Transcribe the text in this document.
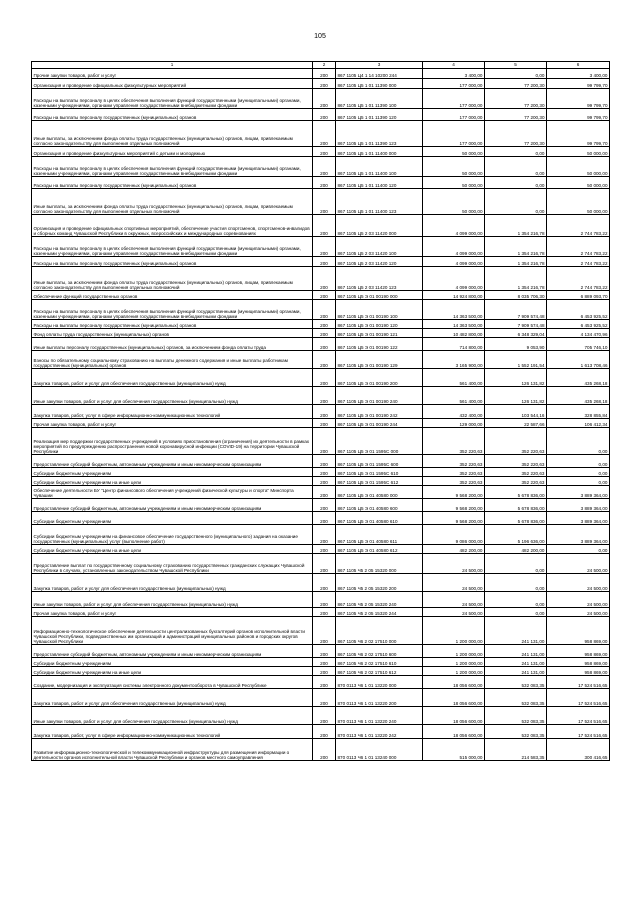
105
1	2	3	4	5	6
Прочие закупки товаров, работ и услуг	200	867 1105 Ц4 1 14 10200 244	3 400,00	0,00	3 400,00
Организация и проведение официальных физкультурных мероприятий	200	867 1105 Ц5 1 01 11390 000	177 000,00	77 200,30	99 799,70
Расходы на выплаты персоналу в целях обеспечения выполнения функций государственными (муниципальными) органами, казенными учреждениями, органами управления государственными внебюджетными фондами	200	867 1105 Ц5 1 01 11390 100	177 000,00	77 200,30	99 799,70
Расходы на выплаты персоналу государственных (муниципальных) органов	200	867 1105 Ц5 1 01 11390 120	177 000,00	77 200,30	99 799,70
Иные выплаты, за исключением фонда оплаты труда государственных (муниципальных) органов, лицам, привлекаемым согласно законодательству для выполнения отдельных полномочий	200	867 1105 Ц5 1 01 11390 123	177 000,00	77 200,30	99 799,70
Организация и проведение физкультурных мероприятий с детьми и молодежью	200	867 1105 Ц5 1 01 11400 000	50 000,00	0,00	50 000,00
Расходы на выплаты персоналу в целях обеспечения выполнения функций государственными (муниципальными) органами, казенными учреждениями, органами управления государственными внебюджетными фондами	200	867 1105 Ц5 1 01 11400 100	50 000,00	0,00	50 000,00
Расходы на выплаты персоналу государственных (муниципальных) органов	200	867 1105 Ц5 1 01 11400 120	50 000,00	0,00	50 000,00
Иные выплаты, за исключением фонда оплаты труда государственных (муниципальных) органов, лицам, привлекаемым согласно законодательству для выполнения отдельных полномочий	200	867 1105 Ц5 1 01 11400 123	50 000,00	0,00	50 000,00
Организация и проведение официальных спортивных мероприятий, обеспечение участия спортсменов, спортсменов-инвалидов и сборных команд Чувашской Республики в окружных, всероссийских и международных соревнованиях	200	867 1105 Ц5 2 03 11420 000	4 099 000,00	1 354 216,78	2 744 783,22
Расходы на выплаты персоналу в целях обеспечения выполнения функций государственными (муниципальными) органами, казенными учреждениями, органами управления государственными внебюджетными фондами	200	867 1105 Ц5 2 03 11420 100	4 099 000,00	1 354 216,78	2 744 783,22
Расходы на выплаты персоналу государственных (муниципальных) органов	200	867 1105 Ц5 2 03 11420 120	4 099 000,00	1 354 216,78	2 744 783,22
Иные выплаты, за исключением фонда оплаты труда государственных (муниципальных) органов, лицам, привлекаемым согласно законодательству для выполнения отдельных полномочий	200	867 1105 Ц5 2 03 11420 123	4 099 000,00	1 354 216,78	2 744 783,22
Обеспечение функций государственных органов	200	867 1105 Ц5 Э 01 00190 000	14 924 800,00	8 035 706,30	6 889 093,70
Расходы на выплаты персоналу в целях обеспечения выполнения функций государственными (муниципальными) органами, казенными учреждениями, органами управления государственными внебюджетными фондами	200	867 1105 Ц5 Э 01 00190 100	14 363 500,00	7 909 574,48	6 453 925,52
Расходы на выплаты персоналу государственных (муниципальных) органов	200	867 1105 Ц5 Э 01 00190 120	14 363 500,00	7 909 574,48	6 453 925,52
Фонд оплаты труда государственных (муниципальных) органов	200	867 1105 Ц5 Э 01 00190 121	10 482 800,00	6 348 329,04	4 134 470,96
Иные выплаты персоналу государственных (муниципальных) органов, за исключением фонда оплаты труда	200	867 1105 Ц5 Э 01 00190 122	714 800,00	9 053,90	705 746,10
Взносы по обязательному социальному страхованию на выплаты денежного содержания и иные выплаты работникам государственных (муниципальных) органов	200	867 1105 Ц5 Э 01 00190 129	3 165 900,00	1 552 191,54	1 613 708,46
Закупка товаров, работ и услуг для обеспечения государственных (муниципальных) нужд	200	867 1105 Ц5 Э 01 00190 200	561 400,00	126 131,82	435 268,18
Иные закупки товаров, работ и услуг для обеспечения государственных (муниципальных) нужд	200	867 1105 Ц5 Э 01 00190 240	561 400,00	126 131,82	435 268,18
Закупка товаров, работ, услуг в сфере информационно-коммуникационных технологий	200	867 1105 Ц5 Э 01 00190 242	432 400,00	103 544,16	328 855,84
Прочая закупка товаров, работ и услуг	200	867 1105 Ц5 Э 01 00190 244	129 000,00	22 587,66	106 412,34
Реализация мер поддержки государственных учреждений в условиях приостановления (ограничения) их деятельности в рамках мероприятий по предупреждению распространения новой коронавирусной инфекции (COVID-19) на территории Чувашской Республики	200	867 1105 Ц5 Э 01 1595С 000	352 220,63	352 220,63	0,00
Предоставление субсидий бюджетным, автономным учреждениям и иным некоммерческим организациям	200	867 1105 Ц5 Э 01 1595С 600	352 220,63	352 220,63	0,00
Субсидии бюджетным учреждениям	200	867 1105 Ц5 Э 01 1595С 610	352 220,63	352 220,63	0,00
Субсидии бюджетным учреждениям на иные цели	200	867 1105 Ц5 Э 01 1595С 612	352 220,63	352 220,63	0,00
Обеспечение деятельности БУ "Центр финансового обеспечения учреждений физической культуры и спорта" Минспорта Чувашии	200	867 1105 Ц5 Э 01 40580 000	9 568 200,00	5 678 836,00	3 889 364,00
Предоставление субсидий бюджетным, автономным учреждениям и иным некоммерческим организациям	200	867 1105 Ц5 Э 01 40580 600	9 568 200,00	5 678 836,00	3 889 364,00
Субсидии бюджетным учреждениям	200	867 1105 Ц5 Э 01 40580 610	9 568 200,00	5 678 836,00	3 889 364,00
Субсидии бюджетным учреждениям на финансовое обеспечение государственного (муниципального) задания на оказание государственных (муниципальных) услуг (выполнение работ)	200	867 1105 Ц5 Э 01 40580 611	9 086 000,00	5 196 636,00	3 889 364,00
Субсидии бюджетным учреждениям на иные цели	200	867 1105 Ц5 Э 01 40580 612	482 200,00	482 200,00	0,00
Предоставление выплат по государственному социальному страхованию государственных гражданских служащих Чувашской Республики в случаях, установленных законодательством Чувашской Республики	200	867 1105 Ч5 2 05 15320 000	24 500,00	0,00	24 500,00
Закупка товаров, работ и услуг для обеспечения государственных (муниципальных) нужд	200	867 1105 Ч5 2 05 15320 200	24 500,00	0,00	24 500,00
Иные закупки товаров, работ и услуг для обеспечения государственных (муниципальных) нужд	200	867 1105 Ч5 2 05 15320 240	24 500,00	0,00	24 500,00
Прочая закупка товаров, работ и услуг	200	867 1105 Ч5 2 05 15320 244	24 500,00	0,00	24 500,00
Информационно-технологическое обеспечение деятельности централизованных бухгалтерий органов исполнительной власти Чувашской Республики, подведомственных им организаций и администраций муниципальных районов и городских округов Чувашской Республики	200	867 1105 Ч6 2 02 17510 000	1 200 000,00	241 131,00	958 869,00
Предоставление субсидий бюджетным, автономным учреждениям и иным некоммерческим организациям	200	867 1105 Ч6 2 02 17510 600	1 200 000,00	241 131,00	958 869,00
Субсидии бюджетным учреждениям	200	867 1105 Ч6 2 02 17510 610	1 200 000,00	241 131,00	958 869,00
Субсидии бюджетным учреждениям на иные цели	200	867 1105 Ч6 2 02 17510 612	1 200 000,00	241 131,00	958 869,00
Создание, модернизация и эксплуатация системы электронного документооборота в Чувашской Республике	200	870 0113 Ч6 1 01 13220 000	18 056 600,00	532 083,35	17 524 516,65
Закупка товаров, работ и услуг для обеспечения государственных (муниципальных) нужд	200	870 0113 Ч6 1 01 13220 200	18 056 600,00	532 083,35	17 524 516,65
Иные закупки товаров, работ и услуг для обеспечения государственных (муниципальных) нужд	200	870 0113 Ч6 1 01 13220 240	18 056 600,00	532 083,35	17 524 516,65
Закупка товаров, работ, услуг в сфере информационно-коммуникационных технологий	200	870 0113 Ч6 1 01 13220 242	18 056 600,00	532 083,35	17 524 516,65
Развитие информационно-технологической и телекоммуникационной инфраструктуры для размещения информации о деятельности органов исполнительной власти Чувашской Республики и органов местного самоуправления	200	870 0113 Ч6 1 01 13240 000	515 000,00	214 583,35	300 416,65
